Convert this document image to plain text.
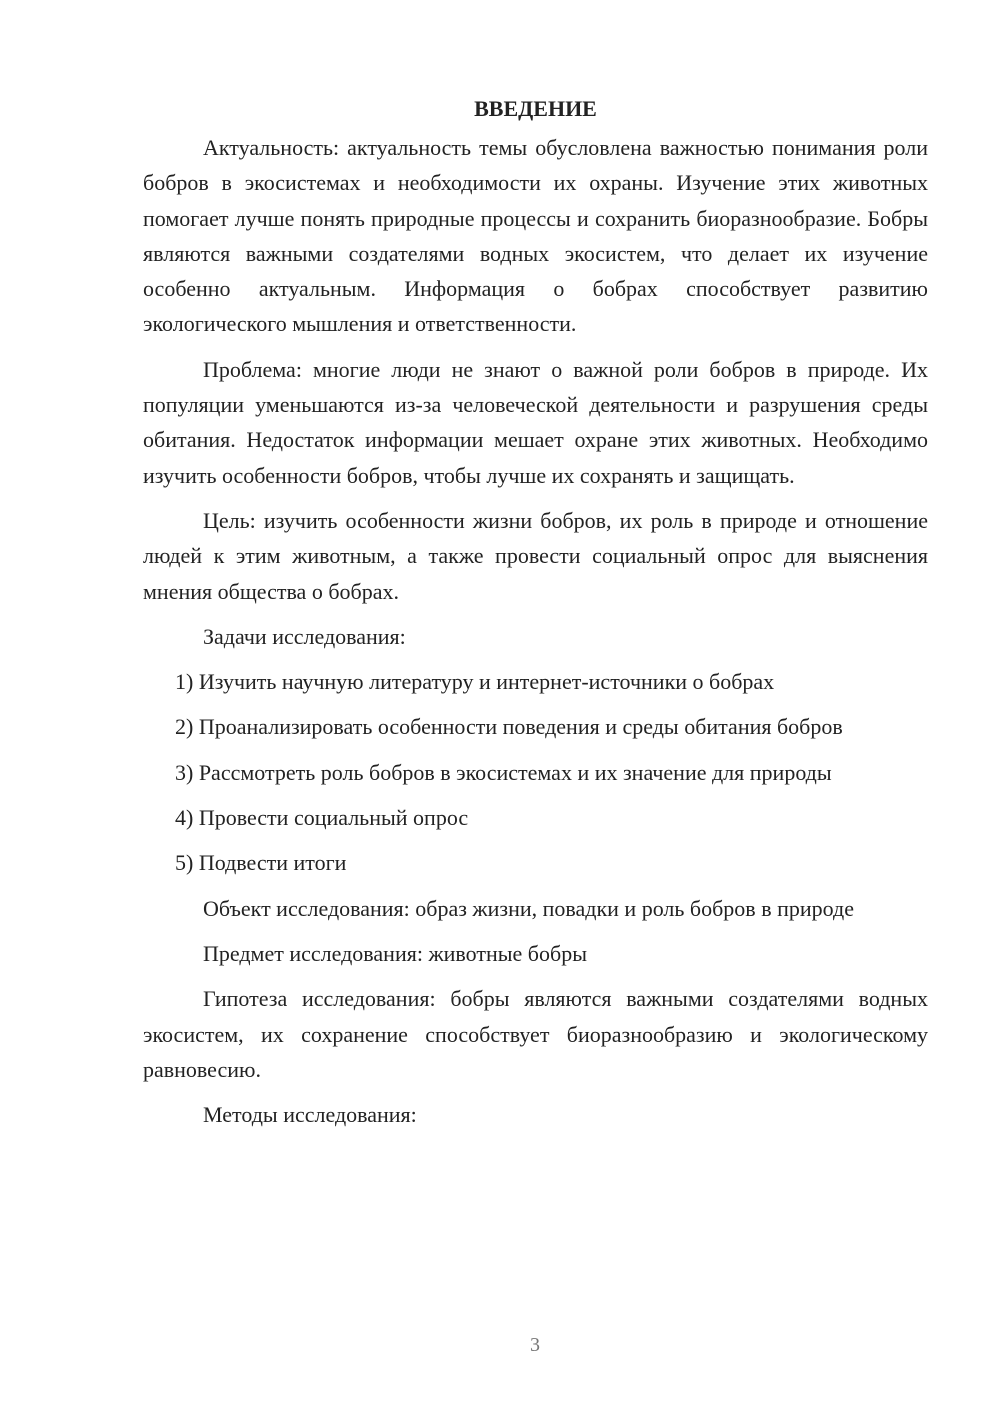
ВВЕДЕНИЕ

Актуальность: актуальность темы обусловлена важностью понимания роли бобров в экосистемах и необходимости их охраны. Изучение этих животных помогает лучше понять природные процессы и сохранить биоразнообразие. Бобры являются важными создателями водных экосистем, что делает их изучение особенно актуальным. Информация о бобрах способствует развитию экологического мышления и ответственности.

Проблема: многие люди не знают о важной роли бобров в природе. Их популяции уменьшаются из-за человеческой деятельности и разрушения среды обитания. Недостаток информации мешает охране этих животных. Необходимо изучить особенности бобров, чтобы лучше их сохранять и защищать.

Цель: изучить особенности жизни бобров, их роль в природе и отношение людей к этим животным, а также провести социальный опрос для выяснения мнения общества о бобрах.

Задачи исследования:

1) Изучить научную литературу и интернет-источники о бобрах

2) Проанализировать особенности поведения и среды обитания бобров

3) Рассмотреть роль бобров в экосистемах и их значение для природы

4) Провести социальный опрос

5) Подвести итоги

Объект исследования: образ жизни, повадки и роль бобров в природе

Предмет исследования: животные бобры

Гипотеза исследования: бобры являются важными создателями водных экосистем, их сохранение способствует биоразнообразию и экологическому равновесию.

Методы исследования:

3
